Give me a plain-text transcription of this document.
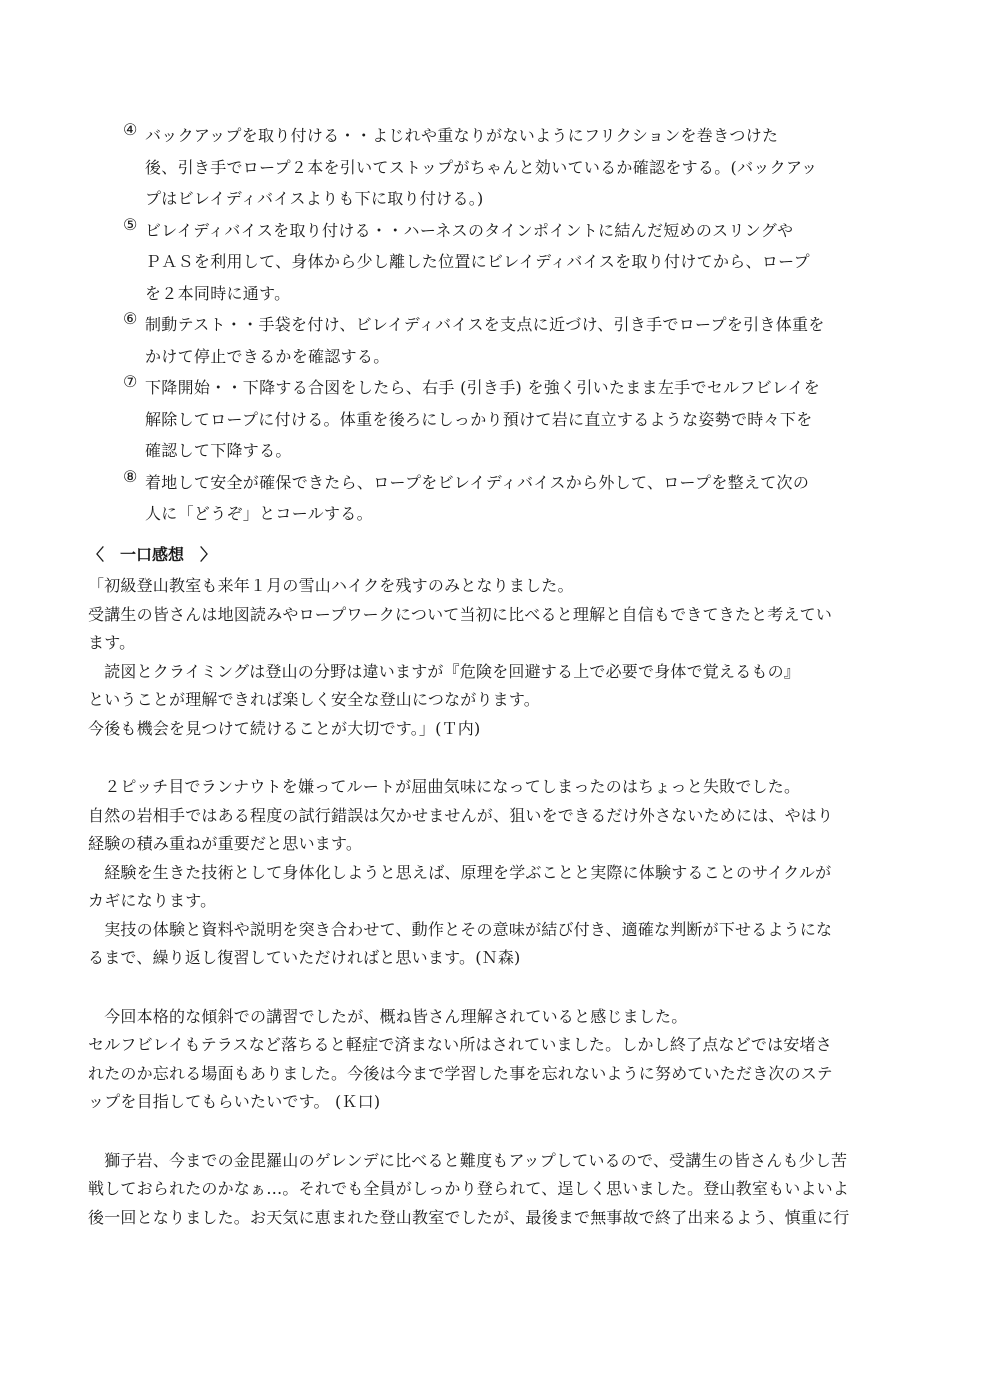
④ バックアップを取り付ける・・よじれや重なりがないようにフリクションを巻きつけた
後、引き手でロープ２本を引いてストップがちゃんと効いているか確認をする。(バックアッ
プはビレイディバイスよりも下に取り付ける。)
⑤ ビレイディバイスを取り付ける・・ハーネスのタインポイントに結んだ短めのスリングや
ＰＡＳを利用して、身体から少し離した位置にビレイディバイスを取り付けてから、ロープ
を２本同時に通す。
⑥ 制動テスト・・手袋を付け、ビレイディバイスを支点に近づけ、引き手でロープを引き体重を
かけて停止できるかを確認する。
⑦ 下降開始・・下降する合図をしたら、右手 (引き手) を強く引いたまま左手でセルフビレイを
解除してロープに付ける。体重を後ろにしっかり預けて岩に直立するような姿勢で時々下を
確認して下降する。
⑧ 着地して安全が確保できたら、ロープをビレイディバイスから外して、ロープを整えて次の
人に「どうぞ」とコールする。
〈　一口感想　〉
「初級登山教室も来年１月の雪山ハイクを残すのみとなりました。
受講生の皆さんは地図読みやロープワークについて当初に比べると理解と自信もできてきたと考えてい
ます。
　読図とクライミングは登山の分野は違いますが『危険を回避する上で必要で身体で覚えるもの』
ということが理解できれば楽しく安全な登山につながります。
今後も機会を見つけて続けることが大切です。」(Ｔ内)
　２ピッチ目でランナウトを嫌ってルートが屈曲気味になってしまったのはちょっと失敗でした。
自然の岩相手ではある程度の試行錯誤は欠かせませんが、狙いをできるだけ外さないためには、やはり
経験の積み重ねが重要だと思います。
　経験を生きた技術として身体化しようと思えば、原理を学ぶことと実際に体験することのサイクルが
カギになります。
　実技の体験と資料や説明を突き合わせて、動作とその意味が結び付き、適確な判断が下せるようにな
るまで、繰り返し復習していただければと思います。(Ｎ森)
　今回本格的な傾斜での講習でしたが、概ね皆さん理解されていると感じました。
セルフビレイもテラスなど落ちると軽症で済まない所はされていました。しかし終了点などでは安堵さ
れたのか忘れる場面もありました。今後は今まで学習した事を忘れないように努めていただき次のステ
ップを目指してもらいたいです。 (Ｋ口)
　獅子岩、今までの金毘羅山のゲレンデに比べると難度もアップしているので、受講生の皆さんも少し苦
戦しておられたのかなぁ…。それでも全員がしっかり登られて、逞しく思いました。登山教室もいよいよ
後一回となりました。お天気に恵まれた登山教室でしたが、最後まで無事故で終了出来るよう、慎重に行
